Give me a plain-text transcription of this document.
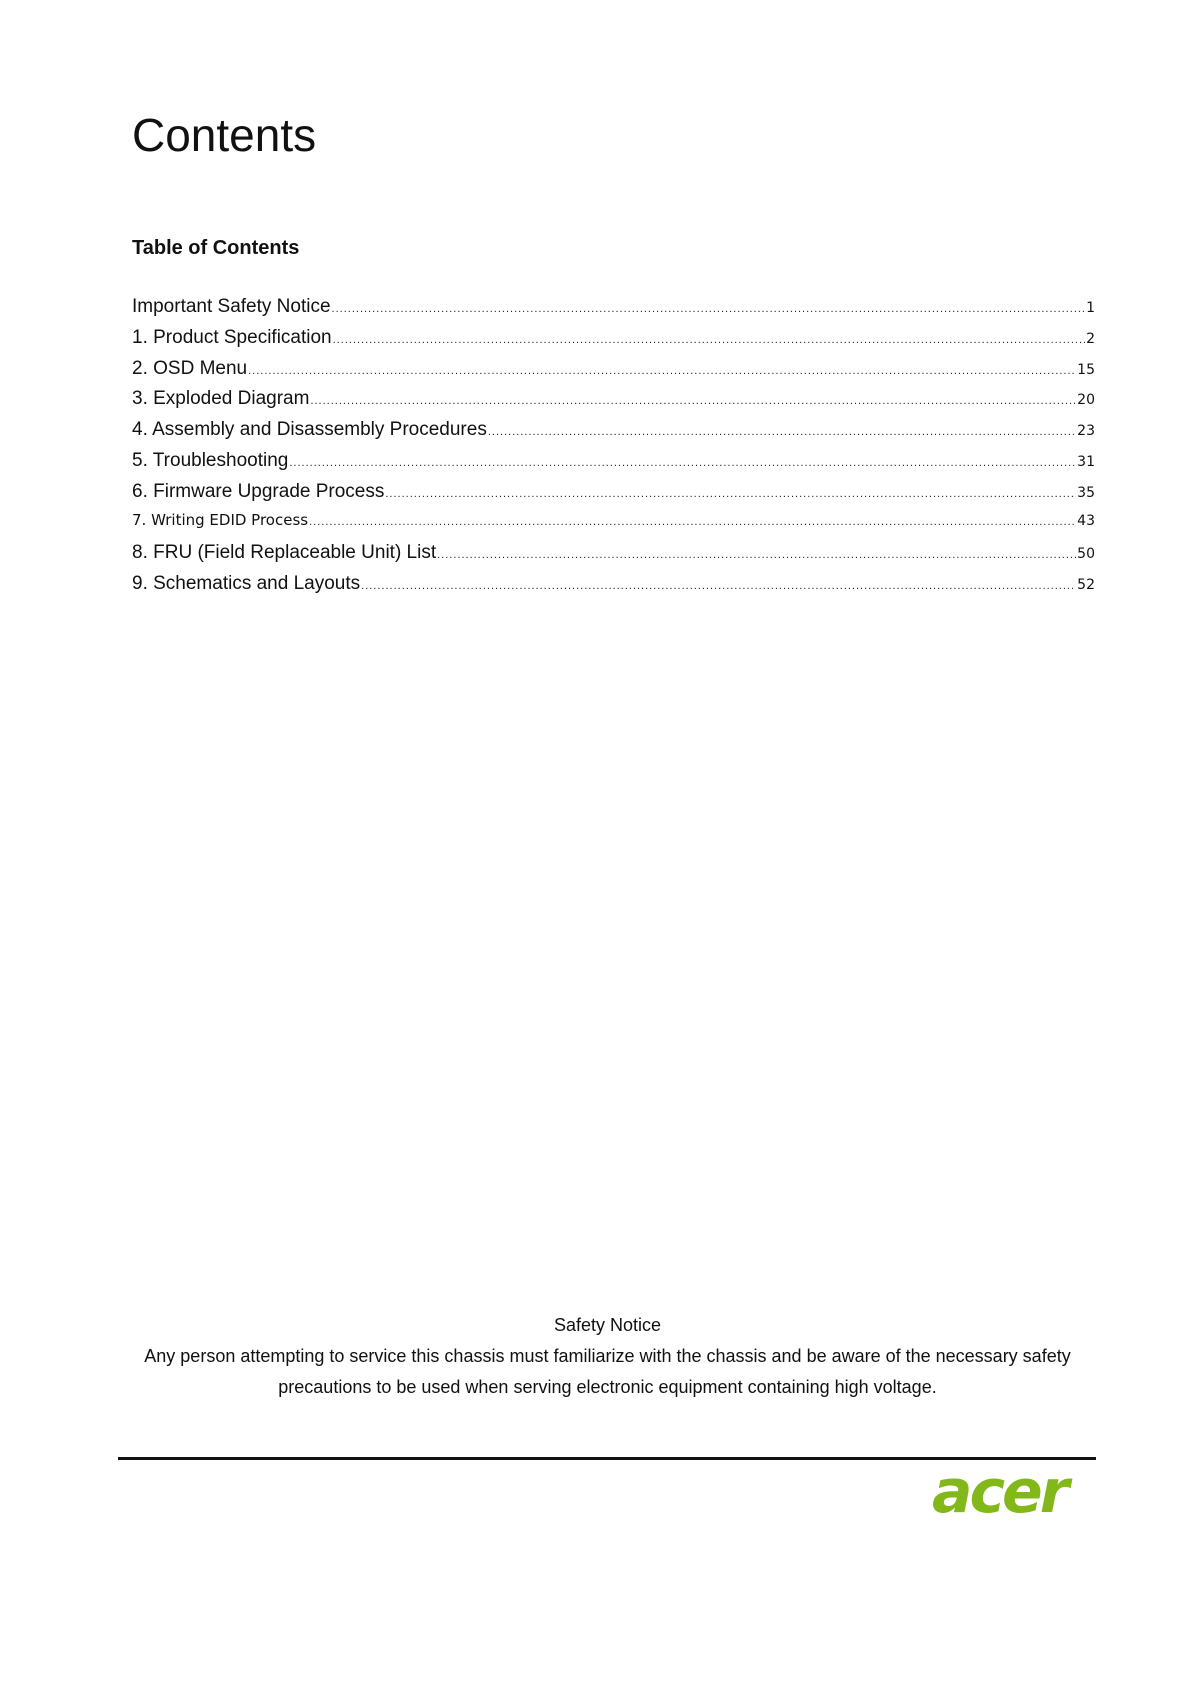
Contents
Table of Contents
Important Safety Notice .....	1
1. Product Specification .....	2
2. OSD Menu .....	15
3. Exploded Diagram .....	20
4. Assembly and Disassembly Procedures .....	23
5. Troubleshooting .....	31
6. Firmware Upgrade Process .....	35
7. Writing EDID Process .....	43
8. FRU (Field Replaceable Unit) List .....	50
9. Schematics and Layouts .....	52
Safety Notice
Any person attempting to service this chassis must familiarize with the chassis and be aware of the necessary safety precautions to be used when serving electronic equipment containing high voltage.
acer
